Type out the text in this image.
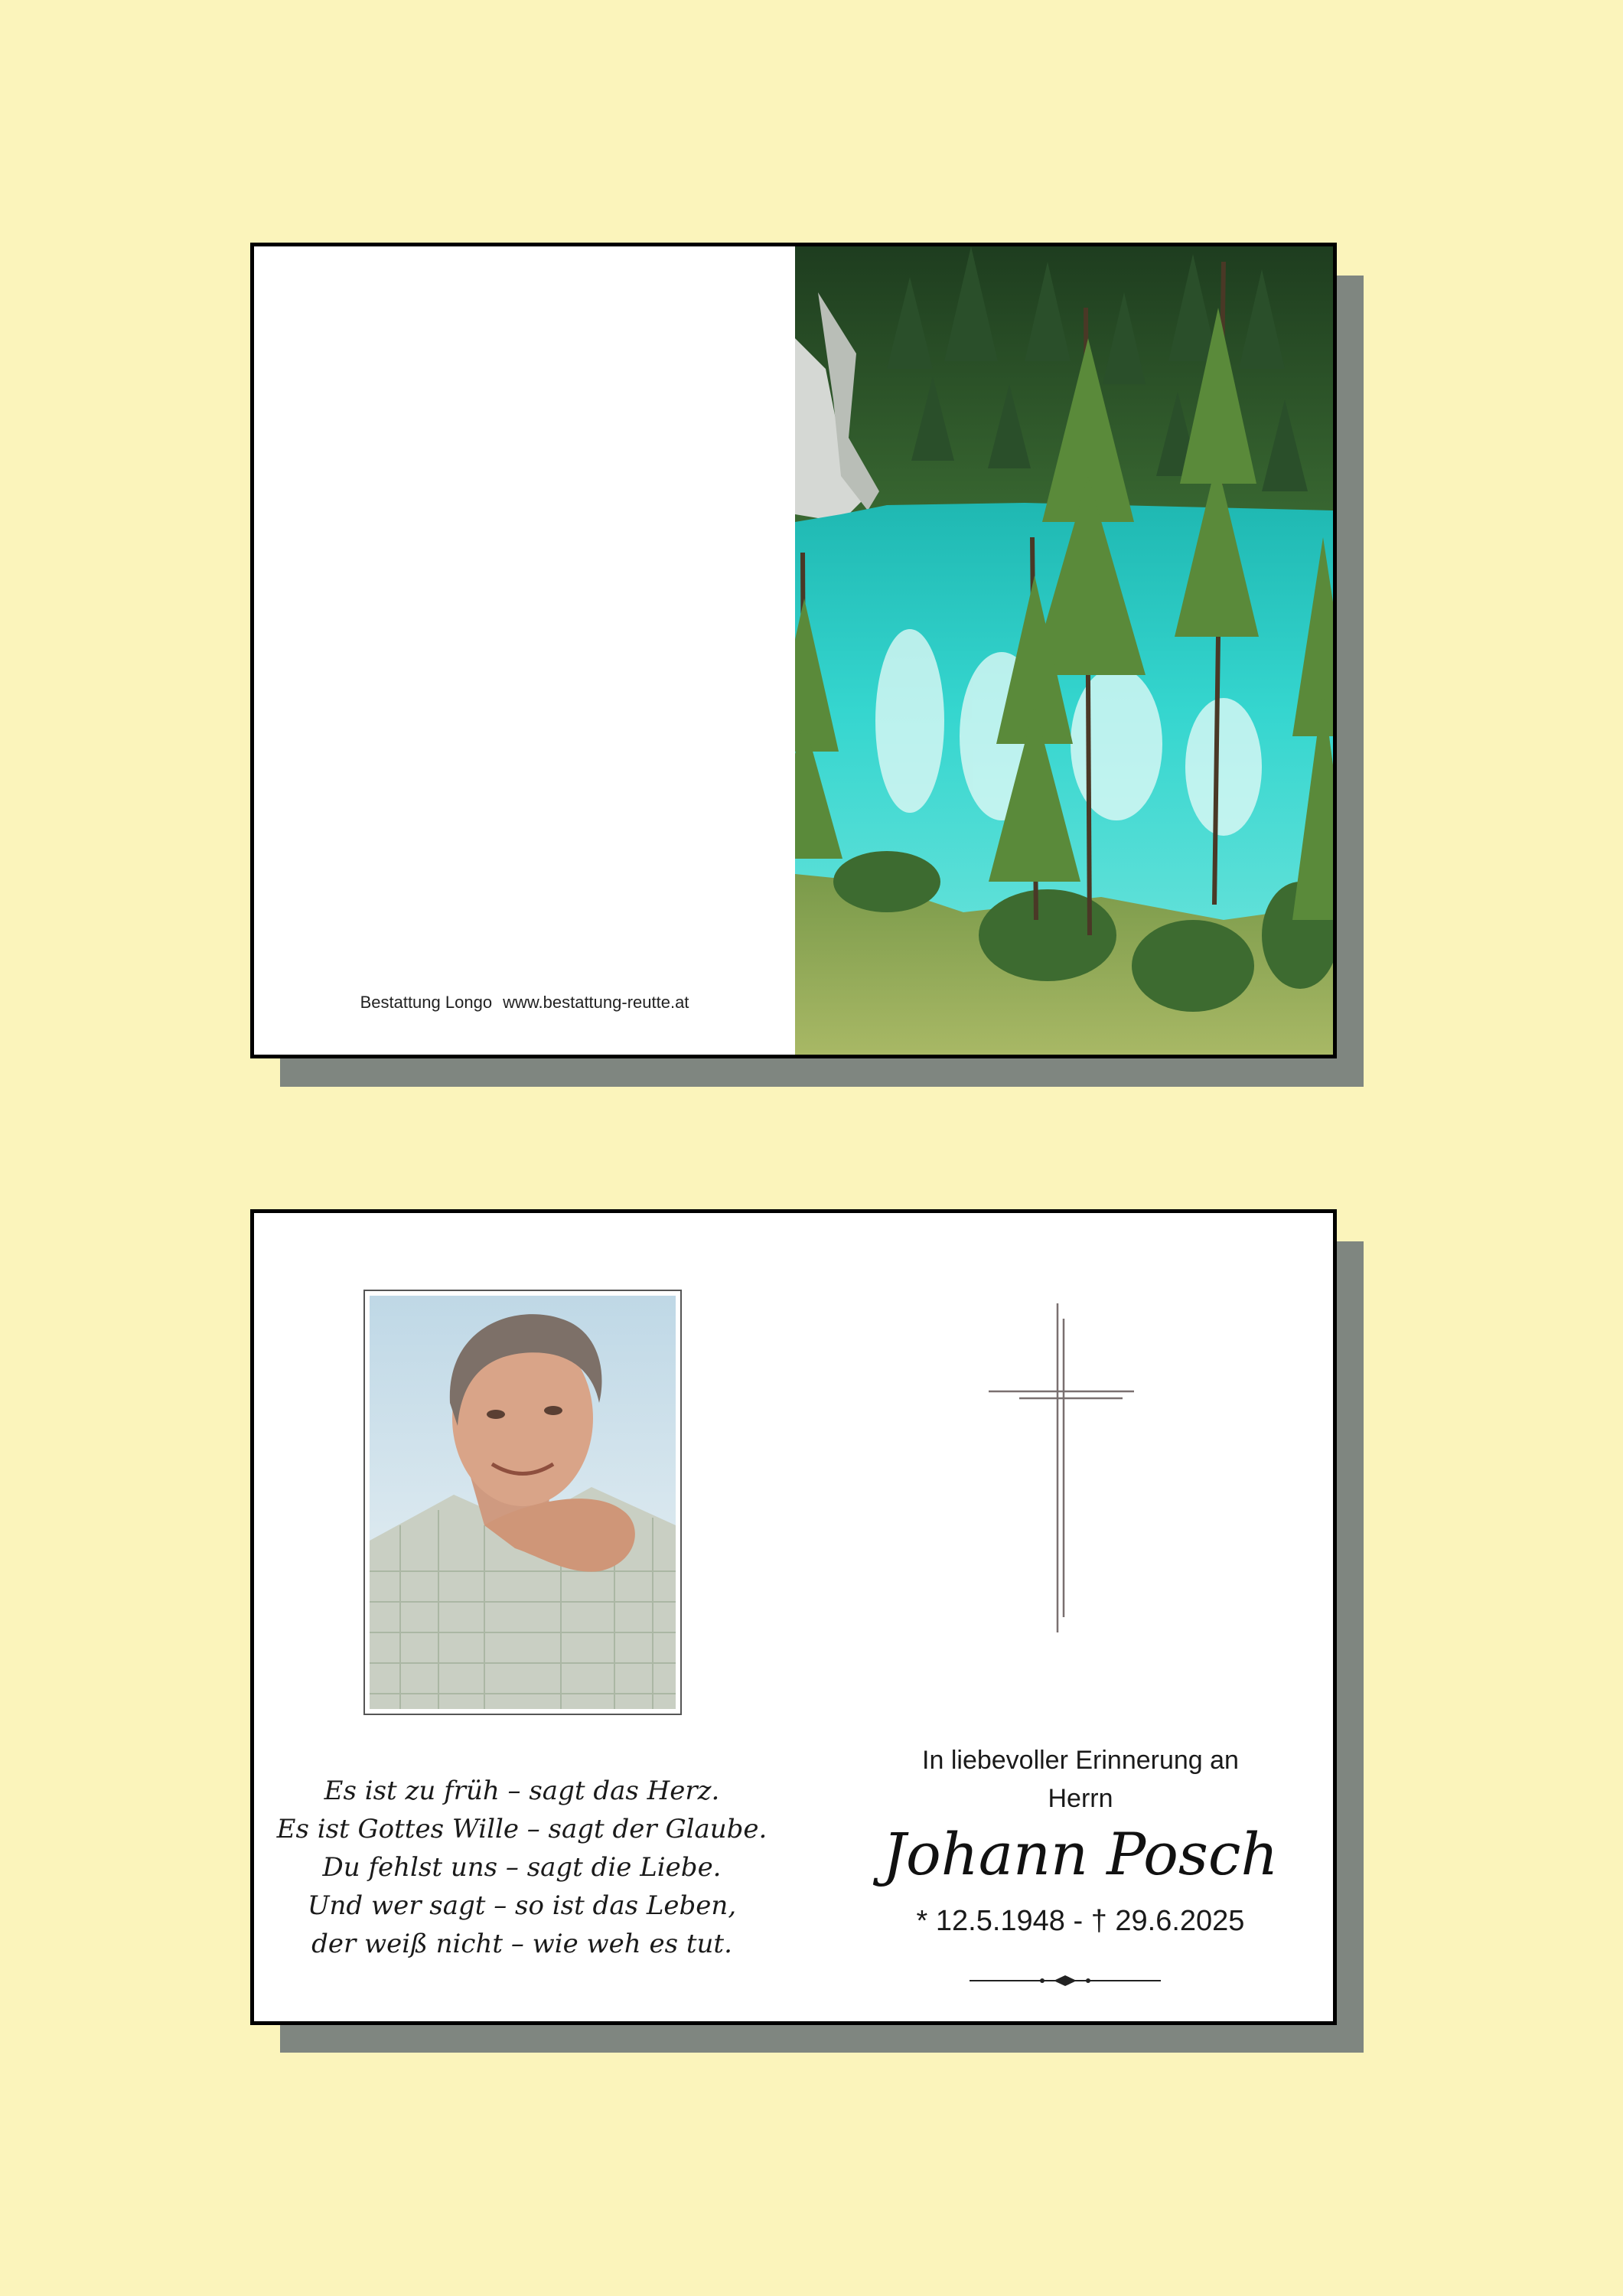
Bestattung Longo www.bestattung-reutte.at
Es ist zu früh – sagt das Herz.
Es ist Gottes Wille – sagt der Glaube.
Du fehlst uns – sagt die Liebe.
Und wer sagt – so ist das Leben,
der weiß nicht – wie weh es tut.
In liebevoller Erinnerung an
Herrn
Johann Posch
* 12.5.1948 - † 29.6.2025
